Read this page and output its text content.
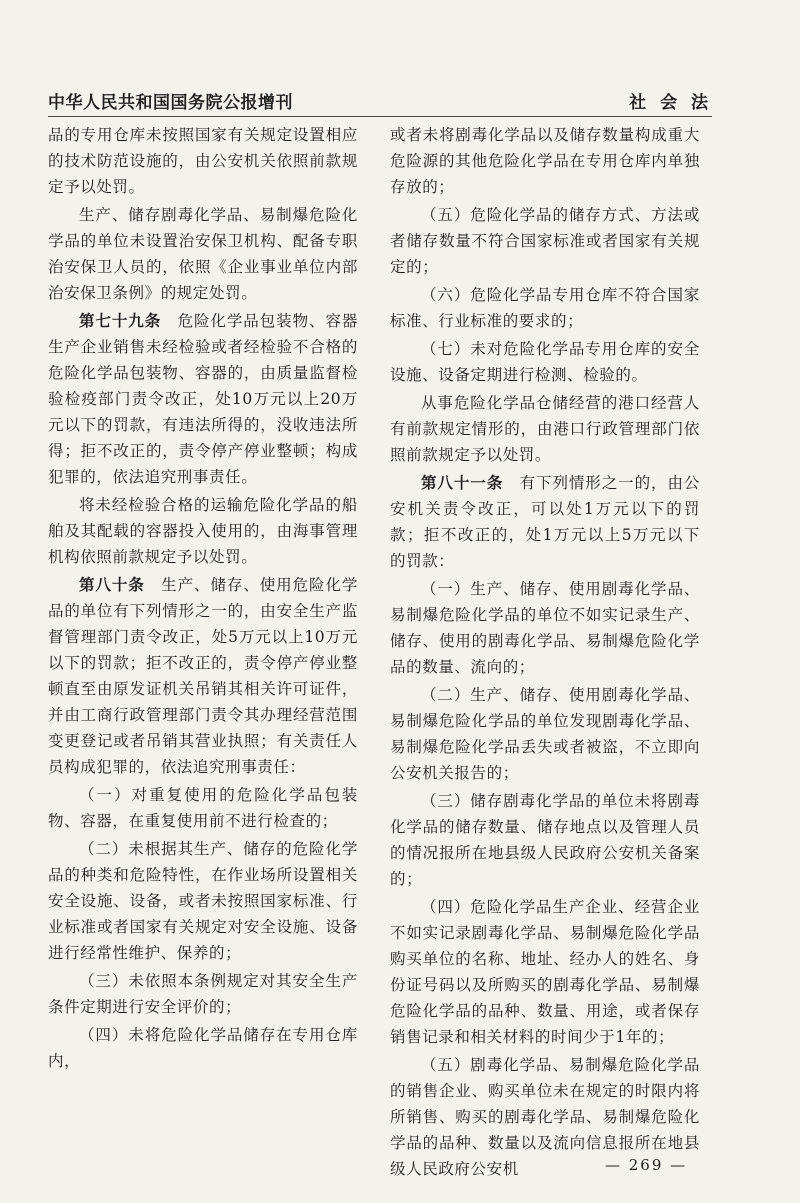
中华人民共和国国务院公报增刊	社 会 法

品的专用仓库未按照国家有关规定设置相应的技术防范设施的，由公安机关依照前款规定予以处罚。

生产、储存剧毒化学品、易制爆危险化学品的单位未设置治安保卫机构、配备专职治安保卫人员的，依照《企业事业单位内部治安保卫条例》的规定处罚。

第七十九条　 危险化学品包装物、容器生产企业销售未经检验或者经检验不合格的危险化学品包装物、容器的，由质量监督检验检疫部门责令改正，处10万元以上20万元以下的罚款，有违法所得的，没收违法所得；拒不改正的，责令停产停业整顿；构成犯罪的，依法追究刑事责任。

将未经检验合格的运输危险化学品的船舶及其配载的容器投入使用的，由海事管理机构依照前款规定予以处罚。

第八十条　 生产、储存、使用危险化学品的单位有下列情形之一的，由安全生产监督管理部门责令改正，处5万元以上10万元以下的罚款；拒不改正的，责令停产停业整顿直至由原发证机关吊销其相关许可证件，并由工商行政管理部门责令其办理经营范围变更登记或者吊销其营业执照；有关责任人员构成犯罪的，依法追究刑事责任：

（一）对重复使用的危险化学品包装物、容器，在重复使用前不进行检查的；

（二）未根据其生产、储存的危险化学品的种类和危险特性，在作业场所设置相关安全设施、设备，或者未按照国家标准、行业标准或者国家有关规定对安全设施、设备进行经常性维护、保养的；

（三）未依照本条例规定对其安全生产条件定期进行安全评价的；

（四）未将危险化学品储存在专用仓库内，

或者未将剧毒化学品以及储存数量构成重大危险源的其他危险化学品在专用仓库内单独存放的；

（五）危险化学品的储存方式、方法或者储存数量不符合国家标准或者国家有关规定的；

（六）危险化学品专用仓库不符合国家标准、行业标准的要求的；

（七）未对危险化学品专用仓库的安全设施、设备定期进行检测、检验的。

从事危险化学品仓储经营的港口经营人有前款规定情形的，由港口行政管理部门依照前款规定予以处罚。

第八十一条　 有下列情形之一的，由公安机关责令改正，可以处1万元以下的罚款；拒不改正的，处1万元以上5万元以下的罚款：

（一）生产、储存、使用剧毒化学品、易制爆危险化学品的单位不如实记录生产、储存、使用的剧毒化学品、易制爆危险化学品的数量、流向的；

（二）生产、储存、使用剧毒化学品、易制爆危险化学品的单位发现剧毒化学品、易制爆危险化学品丢失或者被盗，不立即向公安机关报告的；

（三）储存剧毒化学品的单位未将剧毒化学品的储存数量、储存地点以及管理人员的情况报所在地县级人民政府公安机关备案的；

（四）危险化学品生产企业、经营企业不如实记录剧毒化学品、易制爆危险化学品购买单位的名称、地址、经办人的姓名、身份证号码以及所购买的剧毒化学品、易制爆危险化学品的品种、数量、用途，或者保存销售记录和相关材料的时间少于1年的；

（五）剧毒化学品、易制爆危险化学品的销售企业、购买单位未在规定的时限内将所销售、购买的剧毒化学品、易制爆危险化学品的品种、数量以及流向信息报所在地县级人民政府公安机	— 269 —
